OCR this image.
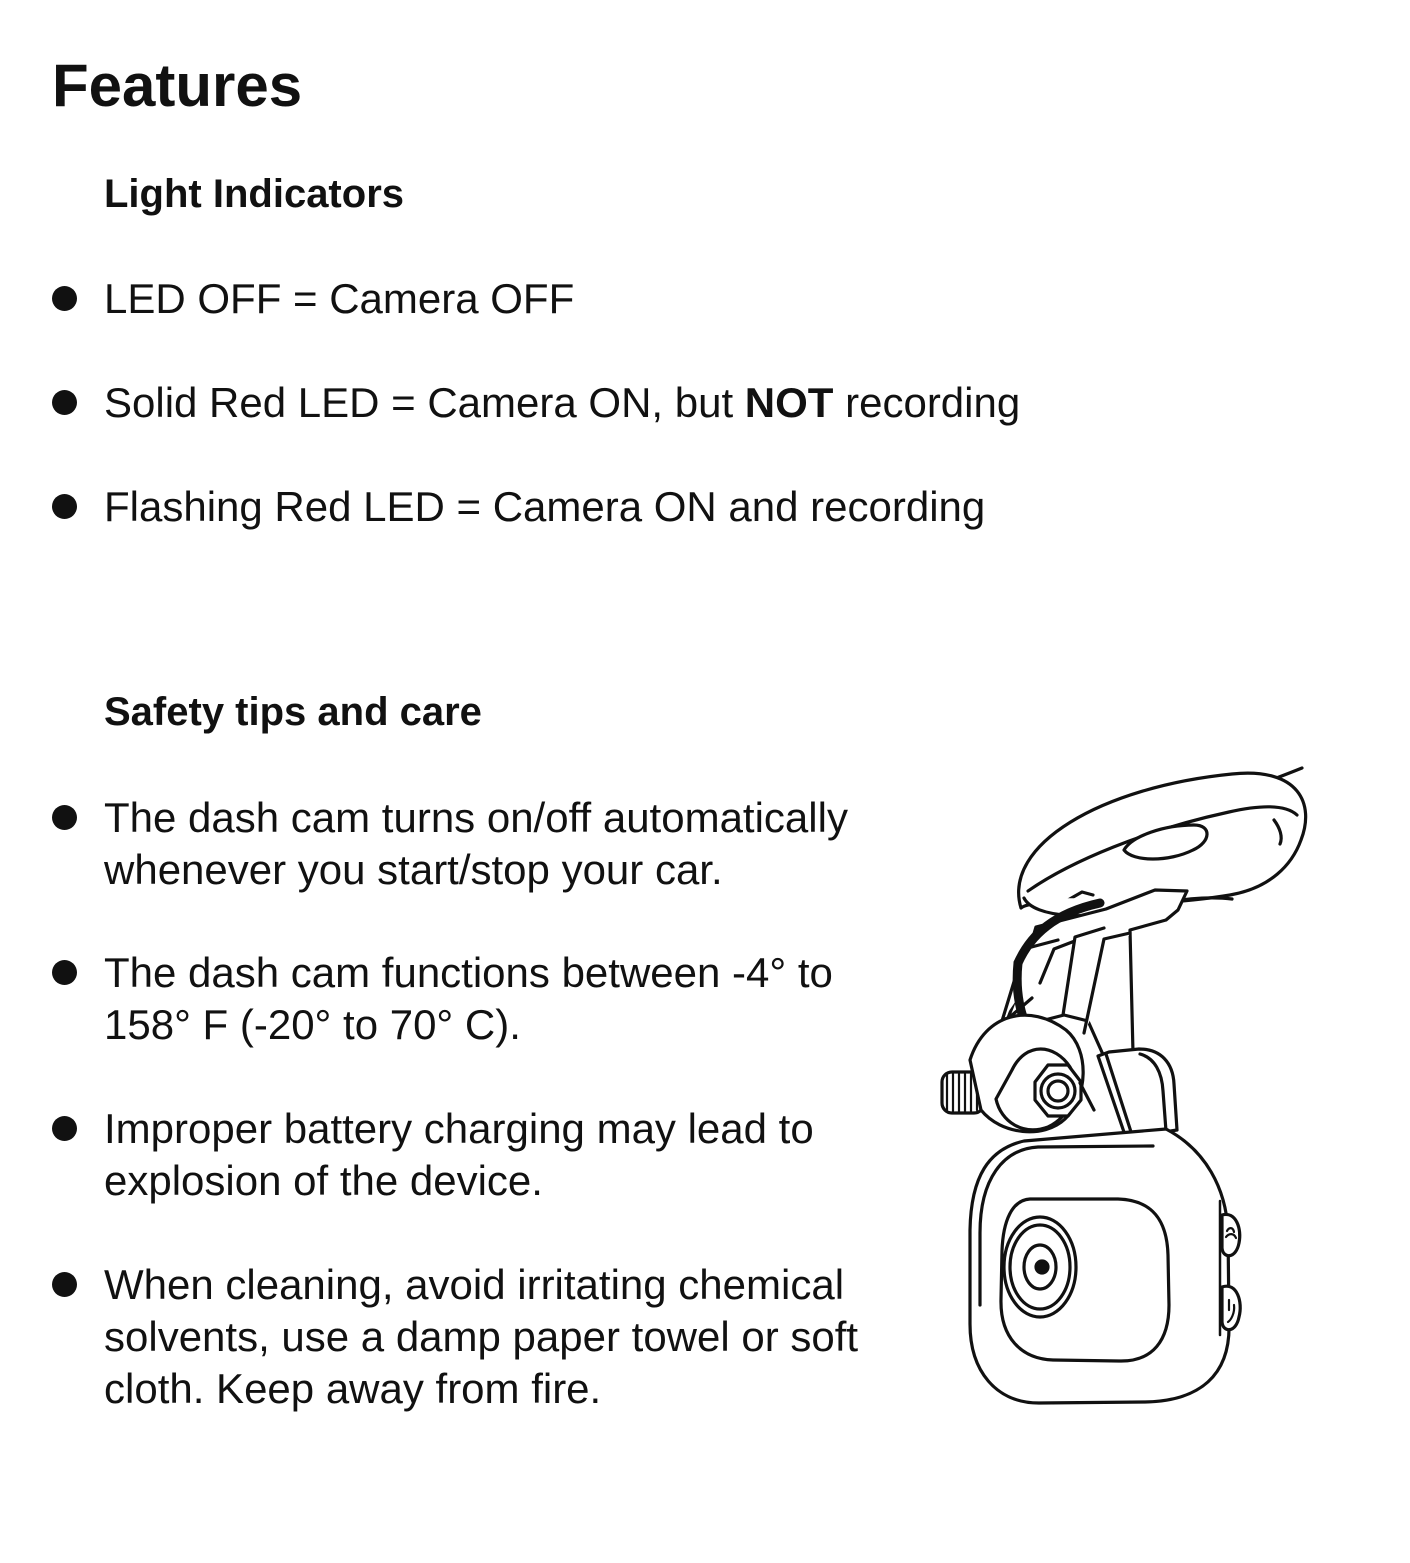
Features
Light Indicators
LED OFF = Camera OFF
Solid Red LED = Camera ON, but NOT recording
Flashing Red LED = Camera ON and recording
Safety tips and care
The dash cam turns on/off automatically
whenever you start/stop your car.
The dash cam functions between -4° to
158° F (-20° to 70° C).
Improper battery charging may lead to
explosion of the device.
When cleaning, avoid irritating chemical
solvents, use a damp paper towel or soft
cloth. Keep away from fire.
